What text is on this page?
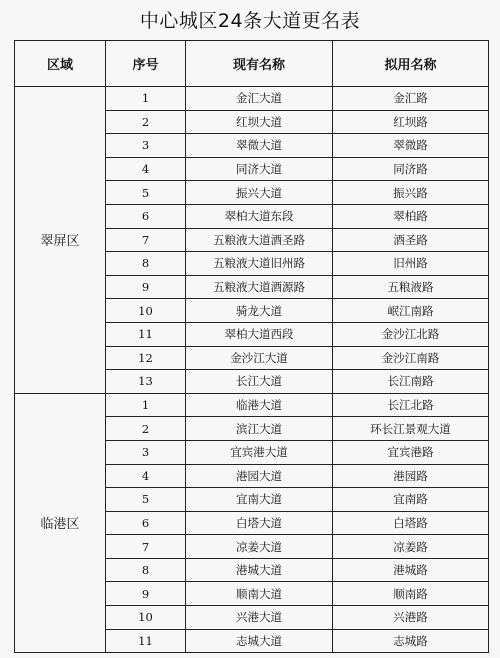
中心城区24条大道更名表
区域	序号	现有名称	拟用名称
翠屏区	1	金汇大道	金汇路
	2	红坝大道	红坝路
	3	翠微大道	翠微路
	4	同济大道	同济路
	5	振兴大道	振兴路
	6	翠柏大道东段	翠柏路
	7	五粮液大道酒圣路	酒圣路
	8	五粮液大道旧州路	旧州路
	9	五粮液大道酒源路	五粮液路
	10	骑龙大道	岷江南路
	11	翠柏大道西段	金沙江北路
	12	金沙江大道	金沙江南路
	13	长江大道	长江南路
临港区	1	临港大道	长江北路
	2	滨江大道	环长江景观大道
	3	宜宾港大道	宜宾港路
	4	港园大道	港园路
	5	宜南大道	宜南路
	6	白塔大道	白塔路
	7	凉姜大道	凉姜路
	8	港城大道	港城路
	9	顺南大道	顺南路
	10	兴港大道	兴港路
	11	志城大道	志城路
